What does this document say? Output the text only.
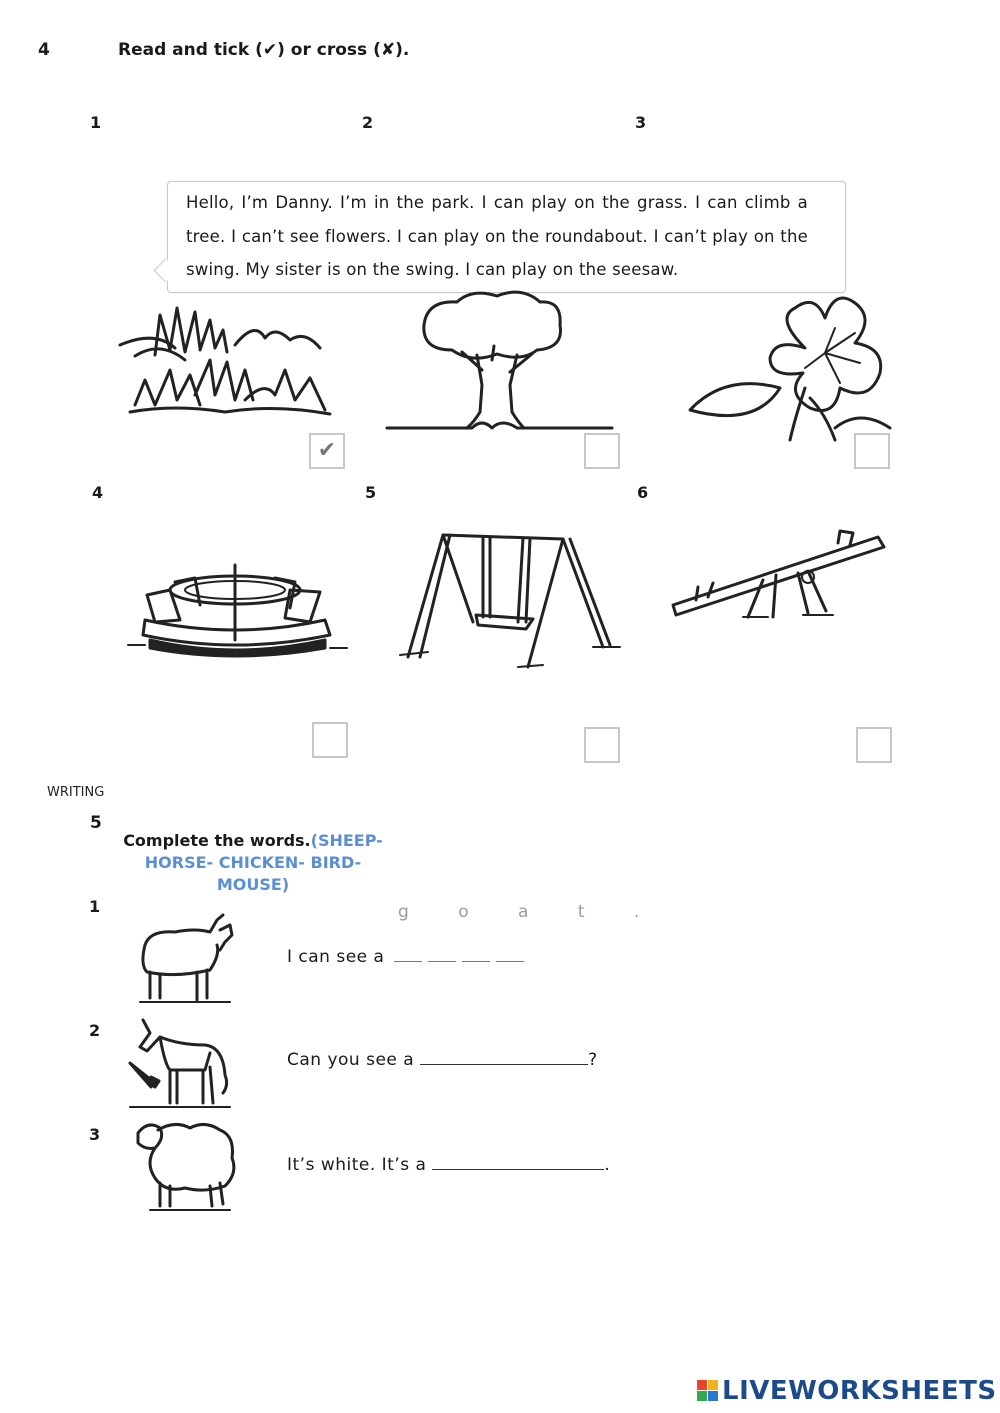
4	Read and tick (✔) or cross (✘).
1	2	3
Hello, I’m Danny. I’m in the park. I can play on the grass. I can climb a tree. I can’t see flowers. I can play on the roundabout. I can’t play on the swing. My sister is on the swing. I can play on the seesaw.
✔
4	5	6
WRITING
5
Complete the words.(SHEEP- HORSE- CHICKEN- BIRD- MOUSE)
1	g o a t .
I can see a
2
Can you see a	?
3
It’s white. It’s a	.
LIVEWORKSHEETS
